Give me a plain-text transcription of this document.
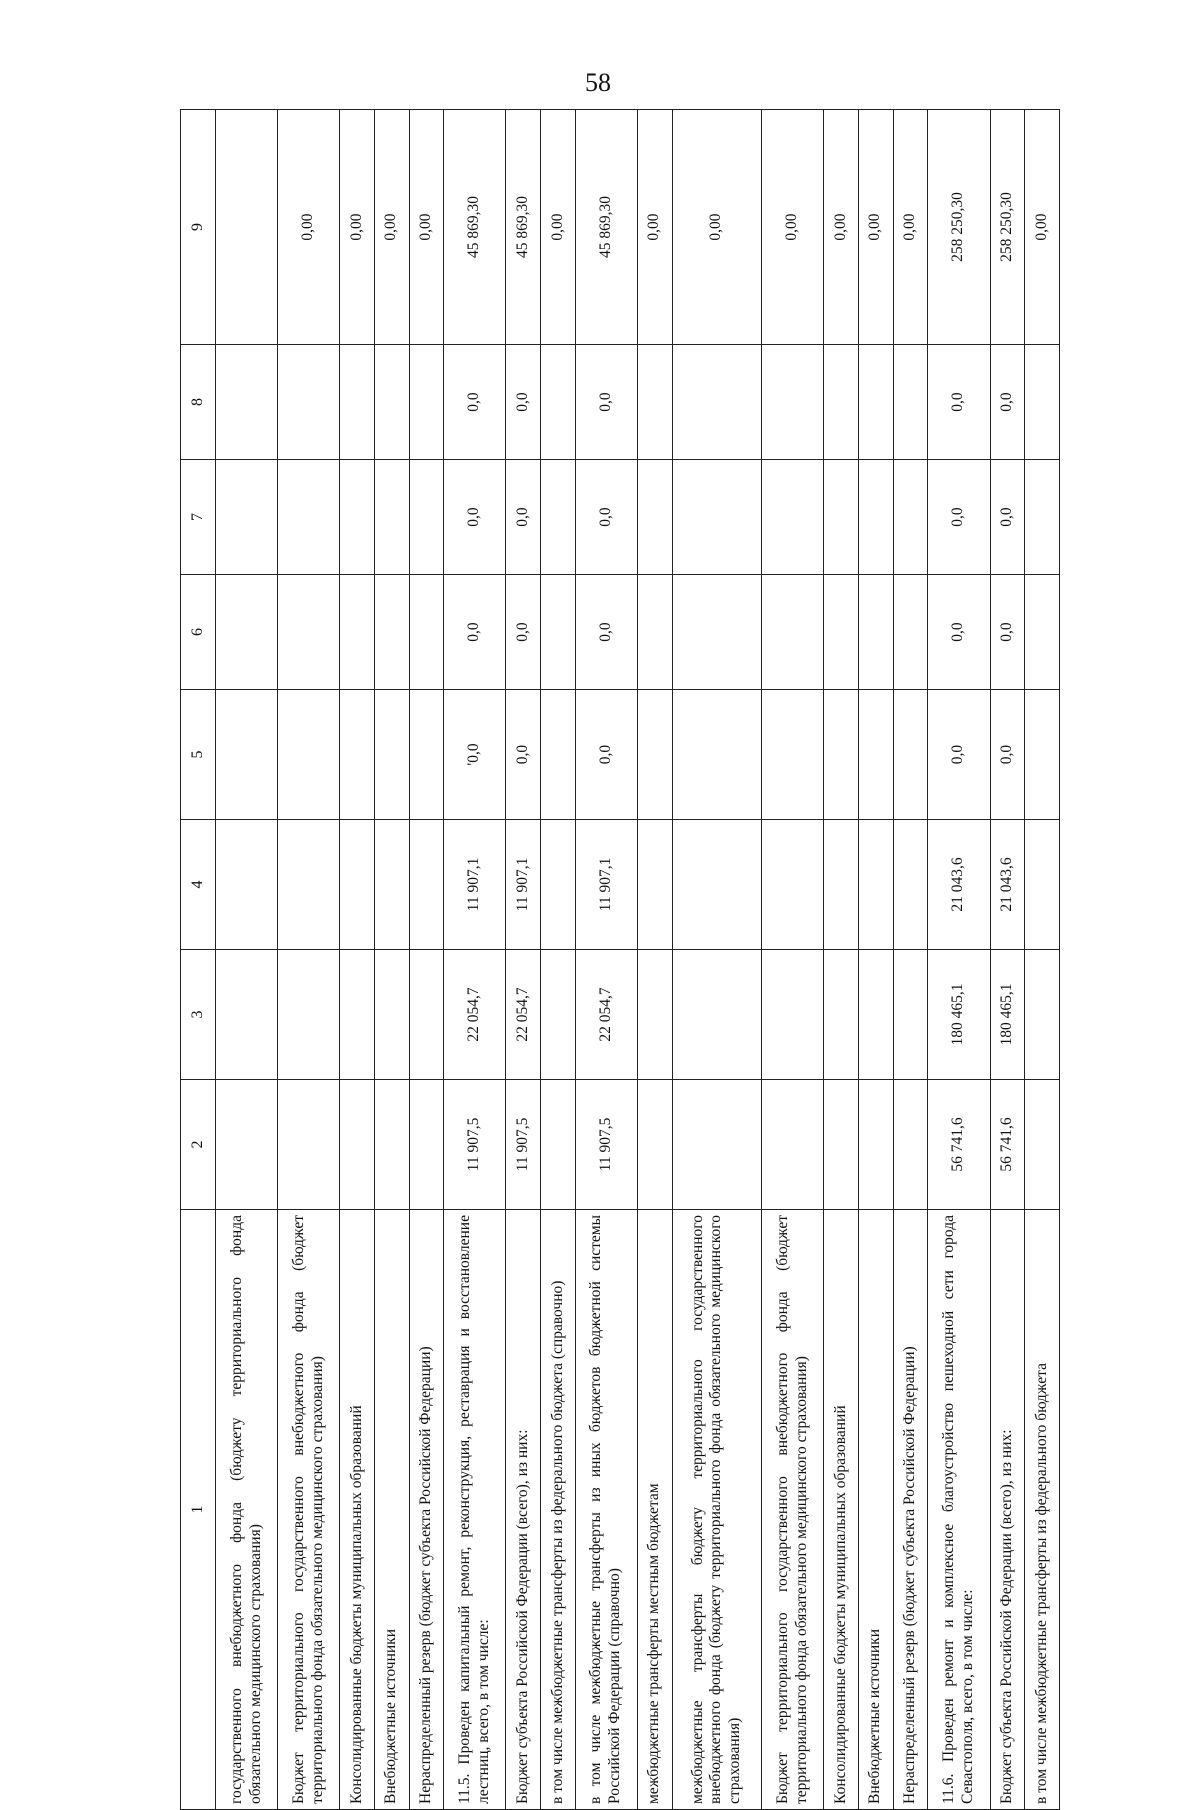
58
1	2	3	4	5	6	7	8	9
государственного внебюджетного фонда (бюджету территориального фонда обязательного медицинского страхования)								
Бюджет территориального государственного внебюджетного фонда (бюджет территориального фонда обязательного медицинского страхования)								0,00
Консолидированные бюджеты муниципальных образований								0,00
Внебюджетные источники								0,00
Нераспределенный резерв (бюджет субъекта Российской Федерации)								0,00
11.5. Проведен капитальный ремонт, реконструкция, реставрация и восстановление лестниц, всего, в том числе:	11 907,5	22 054,7	11 907,1	'0,0	0,0	0,0	0,0	45 869,30
Бюджет субъекта Российской Федерации (всего), из них:	11 907,5	22 054,7	11 907,1	0,0	0,0	0,0	0,0	45 869,30
в том числе межбюджетные трансферты из федерального бюджета (справочно)								0,00
в том числе межбюджетные трансферты из иных бюджетов бюджетной системы Российской Федерации (справочно)	11 907,5	22 054,7	11 907,1	0,0	0,0	0,0	0,0	45 869,30
межбюджетные трансферты местным бюджетам								0,00
межбюджетные трансферты бюджету территориального государственного внебюджетного фонда (бюджету территориального фонда обязательного медицинского страхования)								0,00
Бюджет территориального государственного внебюджетного фонда (бюджет территориального фонда обязательного медицинского страхования)								0,00
Консолидированные бюджеты муниципальных образований								0,00
Внебюджетные источники								0,00
Нераспределенный резерв (бюджет субъекта Российской Федерации)								0,00
11.6. Проведен ремонт и комплексное благоустройство пешеходной сети города Севастополя, всего, в том числе:	56 741,6	180 465,1	21 043,6	0,0	0,0	0,0	0,0	258 250,30
Бюджет субъекта Российской Федерации (всего), из них:	56 741,6	180 465,1	21 043,6	0,0	0,0	0,0	0,0	258 250,30
в том числе межбюджетные трансферты из федерального бюджета								0,00
